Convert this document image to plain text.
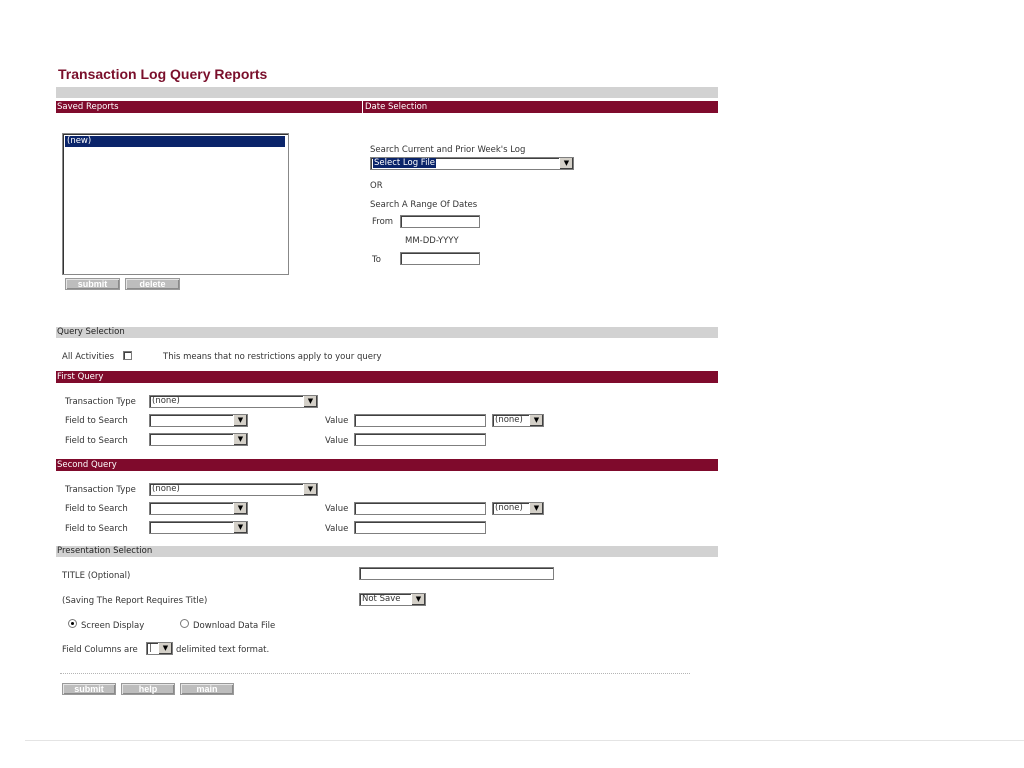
Transaction Log Query Reports
Saved Reports	Date Selection
(new)
submit	delete
Search Current and Prior Week's Log
Select Log File	▼
OR
Search A Range Of Dates
From
MM-DD-YYYY
To
Query Selection
All Activities	This means that no restrictions apply to your query
First Query
Transaction Type	(none)	▼
Field to Search	▼	Value	(none)	▼
Field to Search	▼	Value
Second Query
Transaction Type	(none)	▼
Field to Search	▼	Value	(none)	▼
Field to Search	▼	Value
Presentation Selection
TITLE (Optional)
(Saving The Report Requires Title)	Not Save	▼
Screen Display	Download Data File
Field Columns are	|	▼ delimited text format.
submit	help	main
